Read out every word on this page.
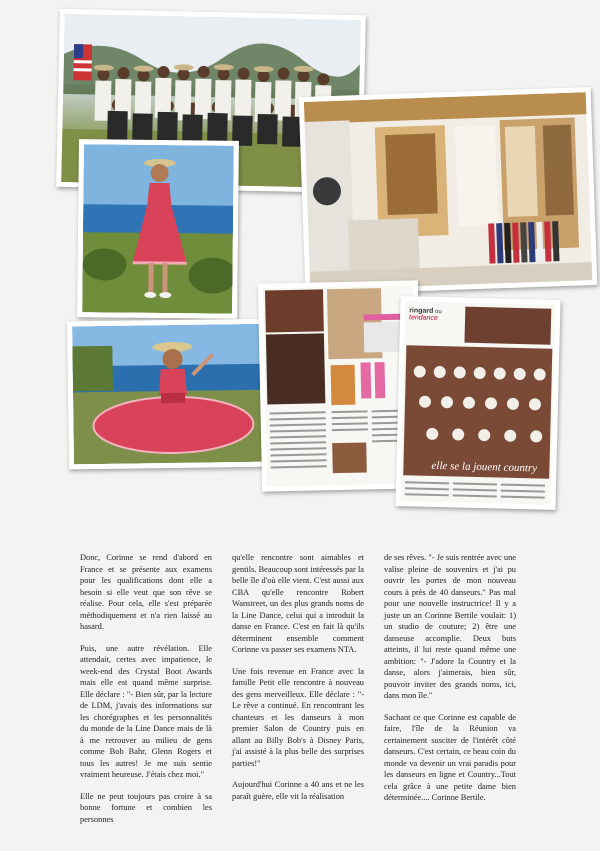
ringard ou
tendance
elle se la jouent country

Donc, Corinne se rend d'abord en France et se présente aux examens pour les qualifications dont elle a besoin si elle veut que son rêve se réalise. Pour cela, elle s'est préparée méthodiquement et n'a rien laissé au hasard.

Puis, une autre révélation. Elle attendait, certes avec impatience, le week-end des Crystal Boot Awards mais elle est quand même surprise. Elle déclare : "- Bien sûr, par la lecture de LDM, j'avais des informations sur les chorégraphes et les personnalités du monde de la Line Dance mais de là à me retrouver au milieu de gens comme Bob Bahr, Glenn Rogers et tous les autres! Je me suis sentie vraiment heureuse. J'étais chez moi."

Elle ne peut toujours pas croire à sa bonne fortune et combien les personnes

qu'elle rencontre sont aimables et gentils. Beaucoup sont intéressés par la belle île d'où elle vient. C'est aussi aux CBA qu'elle rencontre Robert Wanstreet, un des plus grands noms de la Line Dance, celui qui a introduit la danse en France. C'est en fait là qu'ils déterminent ensemble comment Corinne va passer ses examens NTA.

Une fois revenue en France avec la famille Petit elle rencontre à nouveau des gens merveilleux. Elle déclare : "- Le rêve a continué. En rencontrant les chanteurs et les danseurs à mon premier Salon de Country puis en allant au Billy Bob's à Disney Paris, j'ai assisté à la plus belle des surprises parties!"

Aujourd'hui Corinne a 40 ans et ne les paraît guère, elle vit la réalisation

de ses rêves. "- Je suis rentrée avec une valise pleine de souvenirs et j'ai pu ouvrir les portes de mon nouveau cours à près de 40 danseurs." Pas mal pour une nouvelle instructrice! Il y a juste un an Corinne Bertile voulait: 1) un studio de couture; 2) être une danseuse accomplie. Deux buts atteints, il lui reste quand même une ambition: "- J'adore la Country et la danse, alors j'aimerais, bien sûr, pouvoir inviter des grands noms, ici, dans mon île."

Sachant ce que Corinne est capable de faire, l'île de la Réunion va certainement susciter de l'intérêt côté danseurs. C'est certain, ce beau coin du monde va devenir un vrai paradis pour les danseurs en ligne et Country...Tout cela grâce à une petite dame bien déterminée.... Corinne Bertile.
